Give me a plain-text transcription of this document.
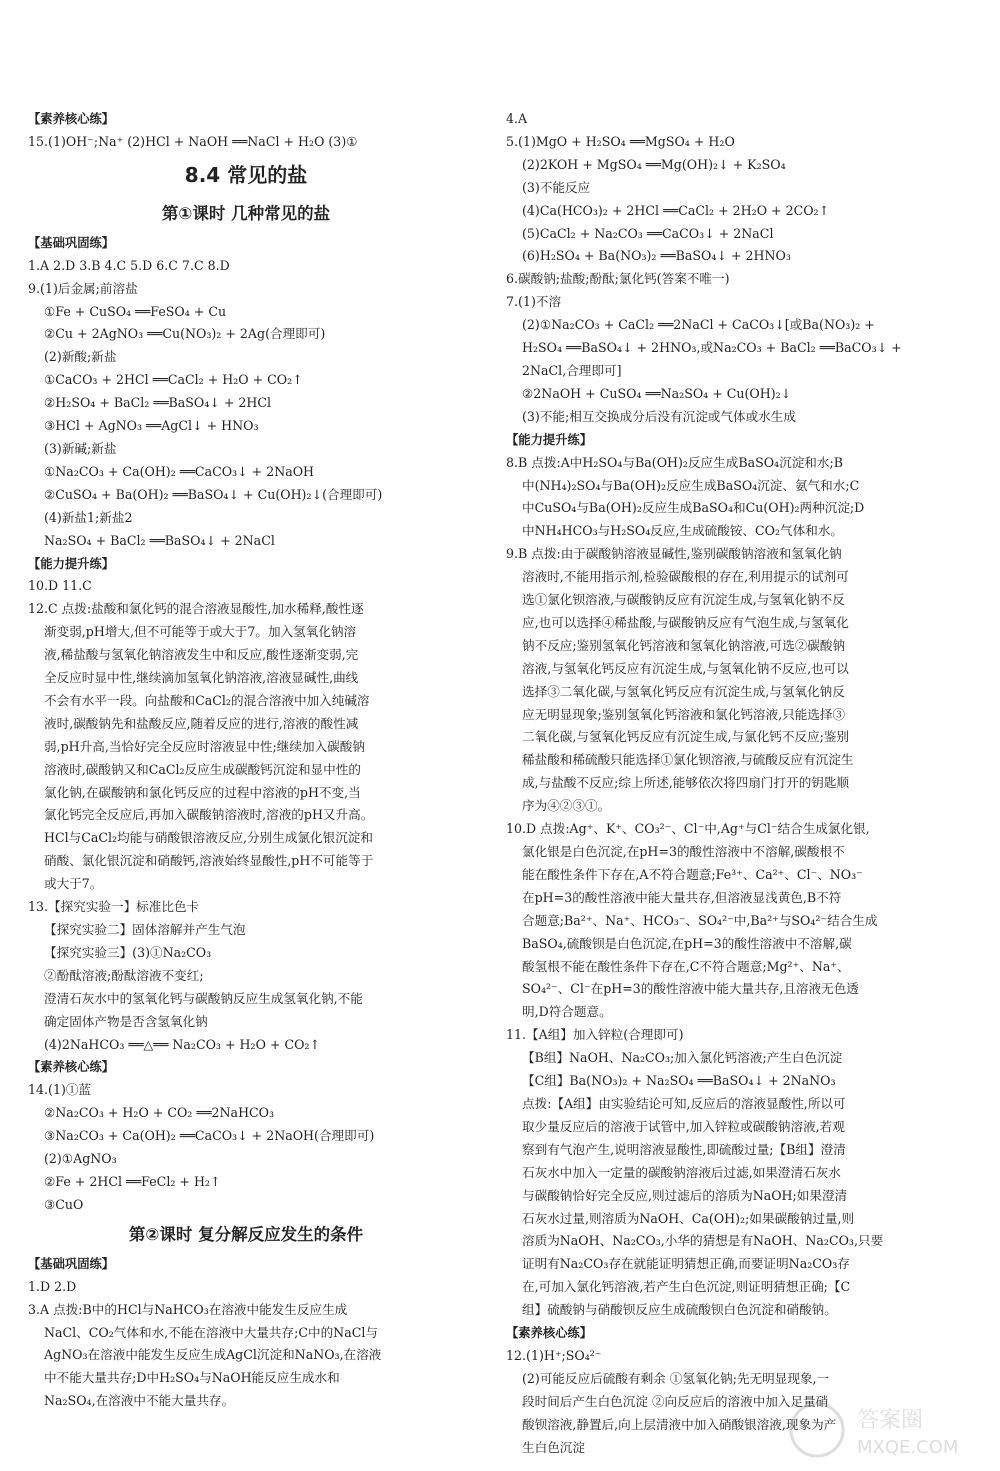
【素养核心练】
15.(1)OH⁻;Na⁺ (2)HCl + NaOH ══NaCl + H₂O (3)①
8.4 常见的盐
第①课时 几种常见的盐
【基础巩固练】
1.A 2.D 3.B 4.C 5.D 6.C 7.C 8.D
9.(1)后金属;前溶盐
①Fe + CuSO₄ ══FeSO₄ + Cu
②Cu + 2AgNO₃ ══Cu(NO₃)₂ + 2Ag(合理即可)
(2)新酸;新盐
①CaCO₃ + 2HCl ══CaCl₂ + H₂O + CO₂↑
②H₂SO₄ + BaCl₂ ══BaSO₄↓ + 2HCl
③HCl + AgNO₃ ══AgCl↓ + HNO₃
(3)新碱;新盐
①Na₂CO₃ + Ca(OH)₂ ══CaCO₃↓ + 2NaOH
②CuSO₄ + Ba(OH)₂ ══BaSO₄↓ + Cu(OH)₂↓(合理即可)
(4)新盐1;新盐2
Na₂SO₄ + BaCl₂ ══BaSO₄↓ + 2NaCl
【能力提升练】
10.D 11.C
12.C 点拨:盐酸和氯化钙的混合溶液显酸性,加水稀释,酸性逐
渐变弱,pH增大,但不可能等于或大于7。加入氢氧化钠溶
液,稀盐酸与氢氧化钠溶液发生中和反应,酸性逐渐变弱,完
全反应时显中性,继续滴加氢氧化钠溶液,溶液显碱性,曲线
不会有水平一段。向盐酸和CaCl₂的混合溶液中加入纯碱溶
液时,碳酸钠先和盐酸反应,随着反应的进行,溶液的酸性减
弱,pH升高,当恰好完全反应时溶液显中性;继续加入碳酸钠
溶液时,碳酸钠又和CaCl₂反应生成碳酸钙沉淀和显中性的
氯化钠,在碳酸钠和氯化钙反应的过程中溶液的pH不变,当
氯化钙完全反应后,再加入碳酸钠溶液时,溶液的pH又升高。
HCl与CaCl₂均能与硝酸银溶液反应,分别生成氯化银沉淀和
硝酸、氯化银沉淀和硝酸钙,溶液始终显酸性,pH不可能等于
或大于7。
13.【探究实验一】标准比色卡
【探究实验二】固体溶解并产生气泡
【探究实验三】(3)①Na₂CO₃
②酚酞溶液;酚酞溶液不变红;
澄清石灰水中的氢氧化钙与碳酸钠反应生成氢氧化钠,不能
确定固体产物是否含氢氧化钠
(4)2NaHCO₃ ══△══ Na₂CO₃ + H₂O + CO₂↑
【素养核心练】
14.(1)①蓝
②Na₂CO₃ + H₂O + CO₂ ══2NaHCO₃
③Na₂CO₃ + Ca(OH)₂ ══CaCO₃↓ + 2NaOH(合理即可)
(2)①AgNO₃
②Fe + 2HCl ══FeCl₂ + H₂↑
③CuO
第②课时 复分解反应发生的条件
【基础巩固练】
1.D 2.D
3.A 点拨:B中的HCl与NaHCO₃在溶液中能发生反应生成
NaCl、CO₂气体和水,不能在溶液中大量共存;C中的NaCl与
AgNO₃在溶液中能发生反应生成AgCl沉淀和NaNO₃,在溶液
中不能大量共存;D中H₂SO₄与NaOH能反应生成水和
Na₂SO₄,在溶液中不能大量共存。
4.A
5.(1)MgO + H₂SO₄ ══MgSO₄ + H₂O
(2)2KOH + MgSO₄ ══Mg(OH)₂↓ + K₂SO₄
(3)不能反应
(4)Ca(HCO₃)₂ + 2HCl ══CaCl₂ + 2H₂O + 2CO₂↑
(5)CaCl₂ + Na₂CO₃ ══CaCO₃↓ + 2NaCl
(6)H₂SO₄ + Ba(NO₃)₂ ══BaSO₄↓ + 2HNO₃
6.碳酸钠;盐酸;酚酞;氯化钙(答案不唯一)
7.(1)不溶
(2)①Na₂CO₃ + CaCl₂ ══2NaCl + CaCO₃↓[或Ba(NO₃)₂ +
H₂SO₄ ══BaSO₄↓ + 2HNO₃,或Na₂CO₃ + BaCl₂ ══BaCO₃↓ +
2NaCl,合理即可]
②2NaOH + CuSO₄ ══Na₂SO₄ + Cu(OH)₂↓
(3)不能;相互交换成分后没有沉淀或气体或水生成
【能力提升练】
8.B 点拨:A中H₂SO₄与Ba(OH)₂反应生成BaSO₄沉淀和水;B
中(NH₄)₂SO₄与Ba(OH)₂反应生成BaSO₄沉淀、氨气和水;C
中CuSO₄与Ba(OH)₂反应生成BaSO₄和Cu(OH)₂两种沉淀;D
中NH₄HCO₃与H₂SO₄反应,生成硫酸铵、CO₂气体和水。
9.B 点拨:由于碳酸钠溶液显碱性,鉴别碳酸钠溶液和氢氧化钠
溶液时,不能用指示剂,检验碳酸根的存在,利用提示的试剂可
选①氯化钡溶液,与碳酸钠反应有沉淀生成,与氢氧化钠不反
应,也可以选择④稀盐酸,与碳酸钠反应有气泡生成,与氢氧化
钠不反应;鉴别氢氧化钙溶液和氢氧化钠溶液,可选②碳酸钠
溶液,与氢氧化钙反应有沉淀生成,与氢氧化钠不反应,也可以
选择③二氧化碳,与氢氧化钙反应有沉淀生成,与氢氧化钠反
应无明显现象;鉴别氢氧化钙溶液和氯化钙溶液,只能选择③
二氧化碳,与氢氧化钙反应有沉淀生成,与氯化钙不反应;鉴别
稀盐酸和稀硫酸只能选择①氯化钡溶液,与硫酸反应有沉淀生
成,与盐酸不反应;综上所述,能够依次将四扇门打开的钥匙顺
序为④②③①。
10.D 点拨:Ag⁺、K⁺、CO₃²⁻、Cl⁻中,Ag⁺与Cl⁻结合生成氯化银,
氯化银是白色沉淀,在pH=3的酸性溶液中不溶解,碳酸根不
能在酸性条件下存在,A不符合题意;Fe³⁺、Ca²⁺、Cl⁻、NO₃⁻
在pH=3的酸性溶液中能大量共存,但溶液显浅黄色,B不符
合题意;Ba²⁺、Na⁺、HCO₃⁻、SO₄²⁻中,Ba²⁺与SO₄²⁻结合生成
BaSO₄,硫酸钡是白色沉淀,在pH=3的酸性溶液中不溶解,碳
酸氢根不能在酸性条件下存在,C不符合题意;Mg²⁺、Na⁺、
SO₄²⁻、Cl⁻在pH=3的酸性溶液中能大量共存,且溶液无色透
明,D符合题意。
11.【A组】加入锌粒(合理即可)
【B组】NaOH、Na₂CO₃;加入氯化钙溶液;产生白色沉淀
【C组】Ba(NO₃)₂ + Na₂SO₄ ══BaSO₄↓ + 2NaNO₃
点拨:【A组】由实验结论可知,反应后的溶液显酸性,所以可
取少量反应后的溶液于试管中,加入锌粒或碳酸钠溶液,若观
察到有气泡产生,说明溶液显酸性,即硫酸过量;【B组】澄清
石灰水中加入一定量的碳酸钠溶液后过滤,如果澄清石灰水
与碳酸钠恰好完全反应,则过滤后的溶质为NaOH;如果澄清
石灰水过量,则溶质为NaOH、Ca(OH)₂;如果碳酸钠过量,则
溶质为NaOH、Na₂CO₃,小华的猜想是有NaOH、Na₂CO₃,只要
证明有Na₂CO₃存在就能证明猜想正确,而要证明Na₂CO₃存
在,可加入氯化钙溶液,若产生白色沉淀,则证明猜想正确;【C
组】硫酸钠与硝酸钡反应生成硫酸钡白色沉淀和硝酸钠。
【素养核心练】
12.(1)H⁺;SO₄²⁻
(2)可能反应后硫酸有剩余 ①氢氧化钠;先无明显现象,一
段时间后产生白色沉淀 ②向反应后的溶液中加入足量硝
酸钡溶液,静置后,向上层清液中加入硝酸银溶液,现象为产
生白色沉淀
答案圈
MXQE.COM
